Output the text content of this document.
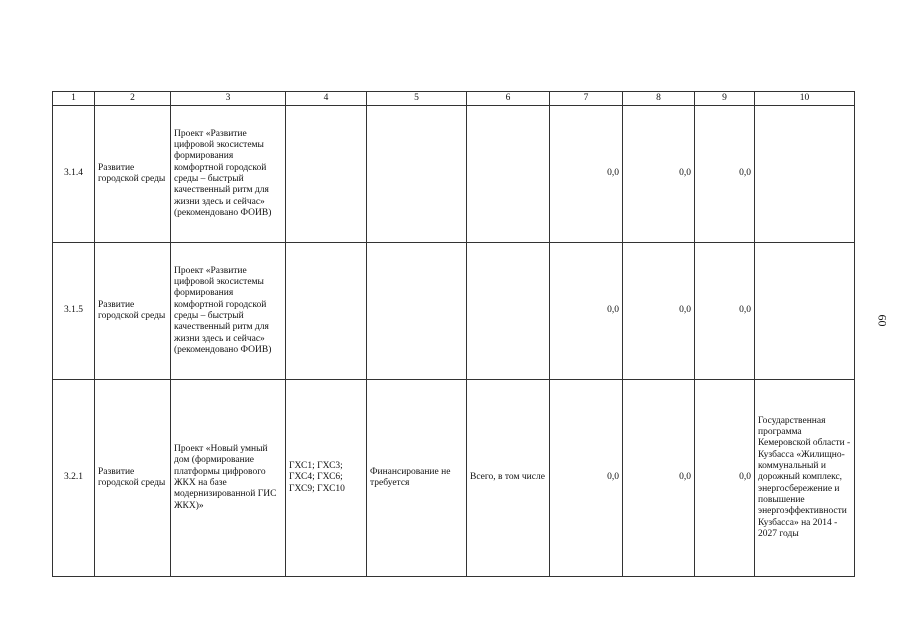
1	2	3	4	5	6	7	8	9	10
3.1.4	Развитие городской среды	Проект «Развитие цифровой экосистемы формирования комфортной городской среды – быстрый качественный ритм для жизни здесь и сейчас» (рекомендовано ФОИВ)				0,0	0,0	0,0	
3.1.5	Развитие городской среды	Проект «Развитие цифровой экосистемы формирования комфортной городской среды – быстрый качественный ритм для жизни здесь и сейчас» (рекомендовано ФОИВ)				0,0	0,0	0,0	
3.2.1	Развитие городской среды	Проект «Новый умный дом (формирование платформы цифрового ЖКХ на базе модернизированной ГИС ЖКХ)»	ГХС1; ГХС3; ГХС4; ГХС6; ГХС9; ГХС10	Финансирование не требуется	Всего, в том числе	0,0	0,0	0,0	Государственная программа Кемеровской области - Кузбасса «Жилищно-коммунальный и дорожный комплекс, энергосбережение и повышение энергоэффективности Кузбасса» на 2014 - 2027 годы
60
